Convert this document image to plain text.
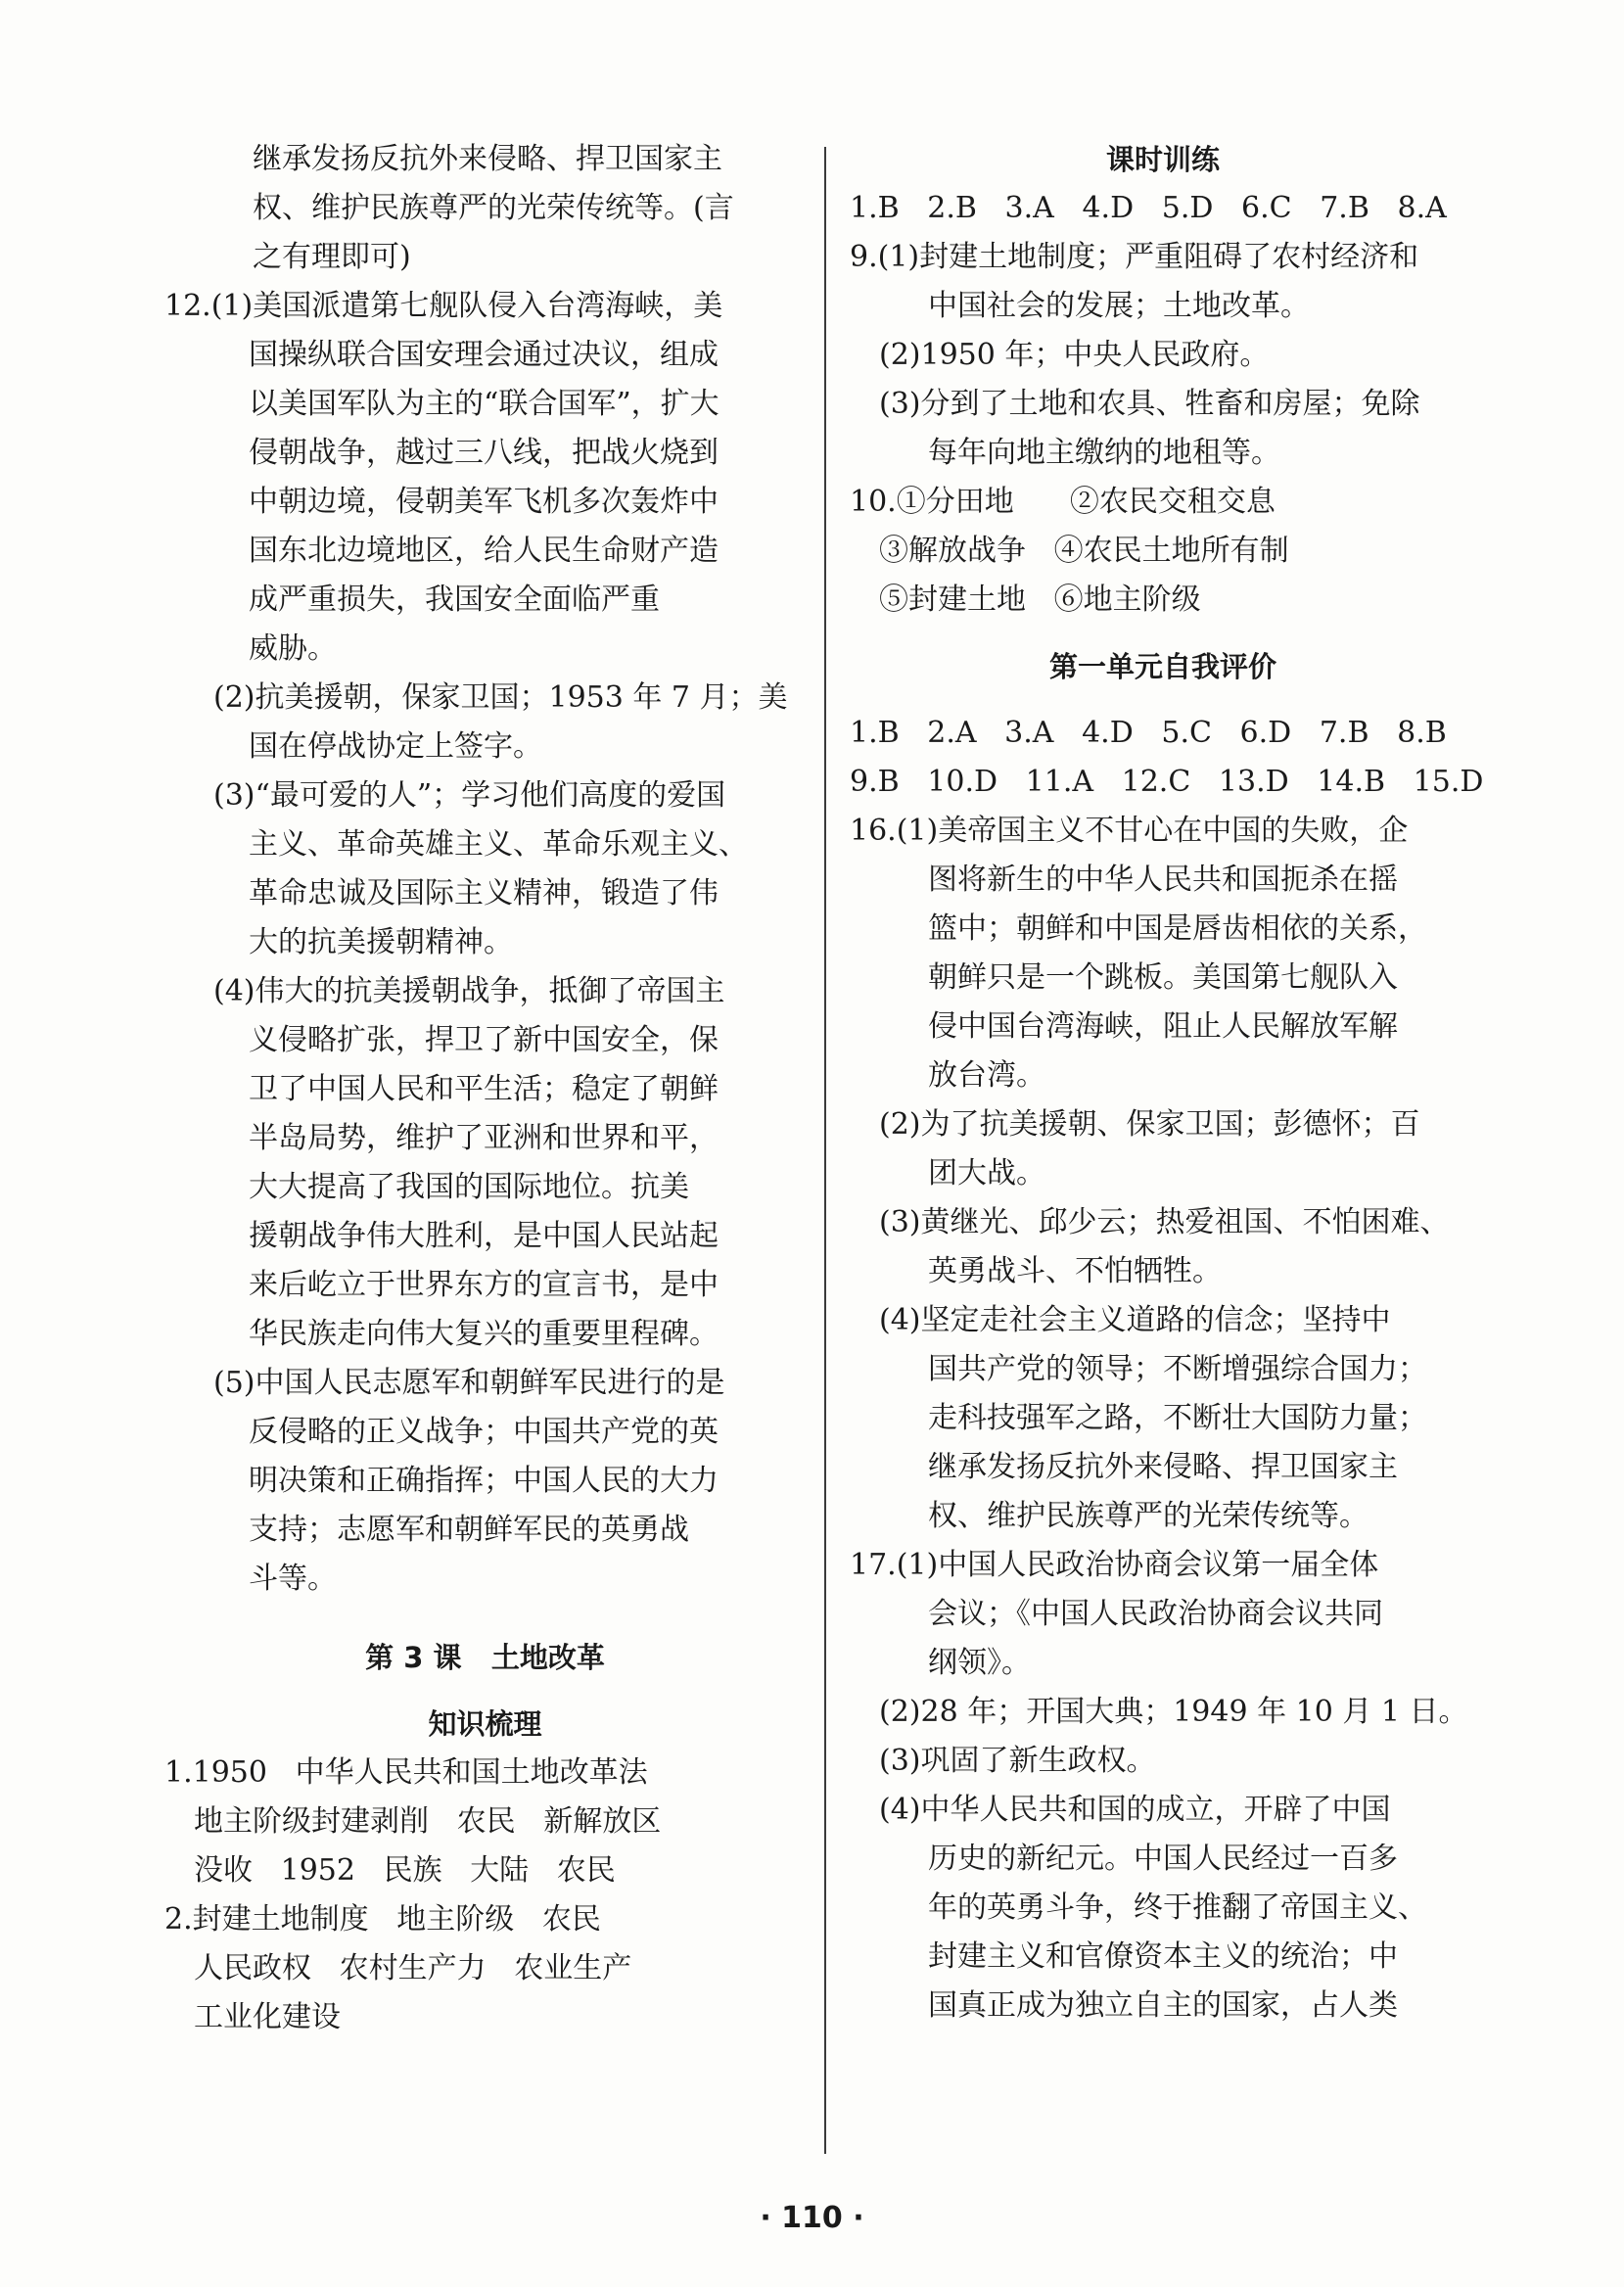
继承发扬反抗外来侵略、捍卫国家主
权、维护民族尊严的光荣传统等。(言
之有理即可)
12.(1)美国派遣第七舰队侵入台湾海峡，美
国操纵联合国安理会通过决议，组成
以美国军队为主的“联合国军”，扩大
侵朝战争，越过三八线，把战火烧到
中朝边境，侵朝美军飞机多次轰炸中
国东北边境地区，给人民生命财产造
成严重损失，我国安全面临严重
威胁。
(2)抗美援朝，保家卫国；1953 年 7 月；美
国在停战协定上签字。
(3)“最可爱的人”；学习他们高度的爱国
主义、革命英雄主义、革命乐观主义、
革命忠诚及国际主义精神，锻造了伟
大的抗美援朝精神。
(4)伟大的抗美援朝战争，抵御了帝国主
义侵略扩张，捍卫了新中国安全，保
卫了中国人民和平生活；稳定了朝鲜
半岛局势，维护了亚洲和世界和平，
大大提高了我国的国际地位。抗美
援朝战争伟大胜利，是中国人民站起
来后屹立于世界东方的宣言书，是中
华民族走向伟大复兴的重要里程碑。
(5)中国人民志愿军和朝鲜军民进行的是
反侵略的正义战争；中国共产党的英
明决策和正确指挥；中国人民的大力
支持；志愿军和朝鲜军民的英勇战
斗等。
第 3 课   土地改革
知识梳理
1.1950   中华人民共和国土地改革法
地主阶级封建剥削   农民   新解放区
没收   1952   民族   大陆   农民
2.封建土地制度   地主阶级   农民
人民政权   农村生产力   农业生产
工业化建设
课时训练
1.B   2.B   3.A   4.D   5.D   6.C   7.B   8.A
9.(1)封建土地制度；严重阻碍了农村经济和
中国社会的发展；土地改革。
(2)1950 年；中央人民政府。
(3)分到了土地和农具、牲畜和房屋；免除
每年向地主缴纳的地租等。
10.①分田地      ②农民交租交息
③解放战争   ④农民土地所有制
⑤封建土地   ⑥地主阶级
第一单元自我评价
1.B   2.A   3.A   4.D   5.C   6.D   7.B   8.B
9.B   10.D   11.A   12.C   13.D   14.B   15.D
16.(1)美帝国主义不甘心在中国的失败，企
图将新生的中华人民共和国扼杀在摇
篮中；朝鲜和中国是唇齿相依的关系，
朝鲜只是一个跳板。美国第七舰队入
侵中国台湾海峡，阻止人民解放军解
放台湾。
(2)为了抗美援朝、保家卫国；彭德怀；百
团大战。
(3)黄继光、邱少云；热爱祖国、不怕困难、
英勇战斗、不怕牺牲。
(4)坚定走社会主义道路的信念；坚持中
国共产党的领导；不断增强综合国力；
走科技强军之路，不断壮大国防力量；
继承发扬反抗外来侵略、捍卫国家主
权、维护民族尊严的光荣传统等。
17.(1)中国人民政治协商会议第一届全体
会议；《中国人民政治协商会议共同
纲领》。
(2)28 年；开国大典；1949 年 10 月 1 日。
(3)巩固了新生政权。
(4)中华人民共和国的成立，开辟了中国
历史的新纪元。中国人民经过一百多
年的英勇斗争，终于推翻了帝国主义、
封建主义和官僚资本主义的统治；中
国真正成为独立自主的国家，占人类
· 110 ·
